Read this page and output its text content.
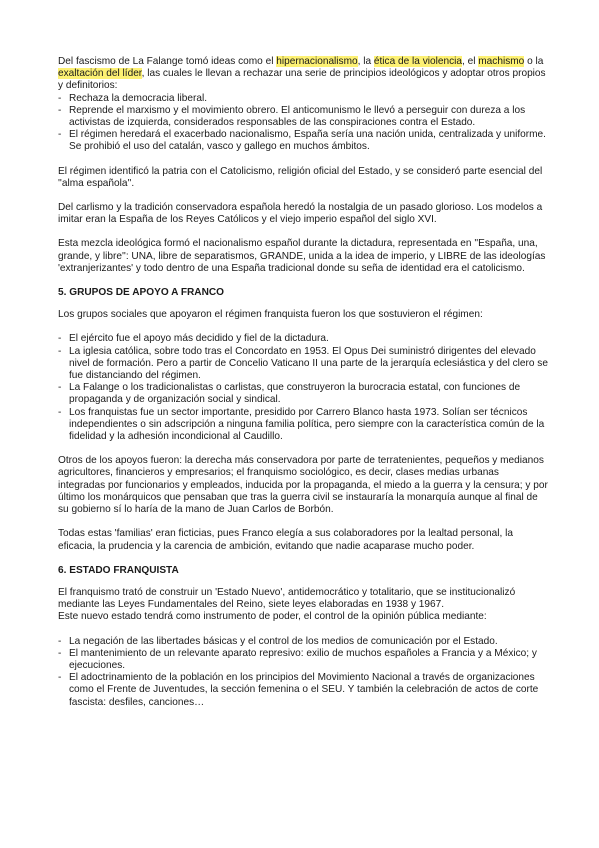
Del fascismo de La Falange tomó ideas como el hipernacionalismo, la ética de la violencia, el machismo o la exaltación del líder, las cuales le llevan a rechazar una serie de principios ideológicos y adoptar otros propios y definitorios:

- Rechaza la democracia liberal.
- Reprende el marxismo y el movimiento obrero. El anticomunismo le llevó a perseguir con dureza a los activistas de izquierda, considerados responsables de las conspiraciones contra el Estado.
- El régimen heredará el exacerbado nacionalismo, España sería una nación unida, centralizada y uniforme. Se prohibió el uso del catalán, vasco y gallego en muchos ámbitos.

El régimen identificó la patria con el Catolicismo, religión oficial del Estado, y se consideró parte esencial del ''alma española''.

Del carlismo y la tradición conservadora española heredó la nostalgia de un pasado glorioso. Los modelos a imitar eran la España de los Reyes Católicos y el viejo imperio español del siglo XVI.

Esta mezcla ideológica formó el nacionalismo español durante la dictadura, representada en ''España, una, grande, y libre'': UNA, libre de separatismos, GRANDE, unida a la idea de imperio, y LIBRE de las ideologías 'extranjerizantes' y todo dentro de una España tradicional donde su seña de identidad era el catolicismo.

5. GRUPOS DE APOYO A FRANCO

Los grupos sociales que apoyaron el régimen franquista fueron los que sostuvieron el régimen:

- El ejército fue el apoyo más decidido y fiel de la dictadura.
- La iglesia católica, sobre todo tras el Concordato en 1953. El Opus Dei suministró dirigentes del elevado nivel de formación. Pero a partir de Concelio Vaticano II una parte de la jerarquía eclesiástica y del clero se fue distanciando del régimen.
- La Falange o los tradicionalistas o carlistas, que construyeron la burocracia estatal, con funciones de propaganda y de organización social y sindical.
- Los franquistas fue un sector importante, presidido por Carrero Blanco hasta 1973. Solían ser técnicos independientes o sin adscripción a ninguna familia política, pero siempre con la característica común de la fidelidad y la adhesión incondicional al Caudillo.

Otros de los apoyos fueron: la derecha más conservadora por parte de terratenientes, pequeños y medianos agricultores, financieros y empresarios; el franquismo sociológico, es decir, clases medias urbanas integradas por funcionarios y empleados, inducida por la propaganda, el miedo a la guerra y la censura; y por último los monárquicos que pensaban que tras la guerra civil se instauraría la monarquía aunque al final de su gobierno sí lo haría de la mano de Juan Carlos de Borbón.

Todas estas 'familias' eran ficticias, pues Franco elegía a sus colaboradores por la lealtad personal, la eficacia, la prudencia y la carencia de ambición, evitando que nadie acaparase mucho poder.

6. ESTADO FRANQUISTA

El franquismo trató de construir un 'Estado Nuevo', antidemocrático y totalitario, que se institucionalizó mediante las Leyes Fundamentales del Reino, siete leyes elaboradas en 1938 y 1967.

Este nuevo estado tendrá como instrumento de poder, el control de la opinión pública mediante:

- La negación de las libertades básicas y el control de los medios de comunicación por el Estado.
- El mantenimiento de un relevante aparato represivo: exilio de muchos españoles a Francia y a México; y ejecuciones.
- El adoctrinamiento de la población en los principios del Movimiento Nacional a través de organizaciones como el Frente de Juventudes, la sección femenina o el SEU. Y también la celebración de actos de corte fascista: desfiles, canciones…
